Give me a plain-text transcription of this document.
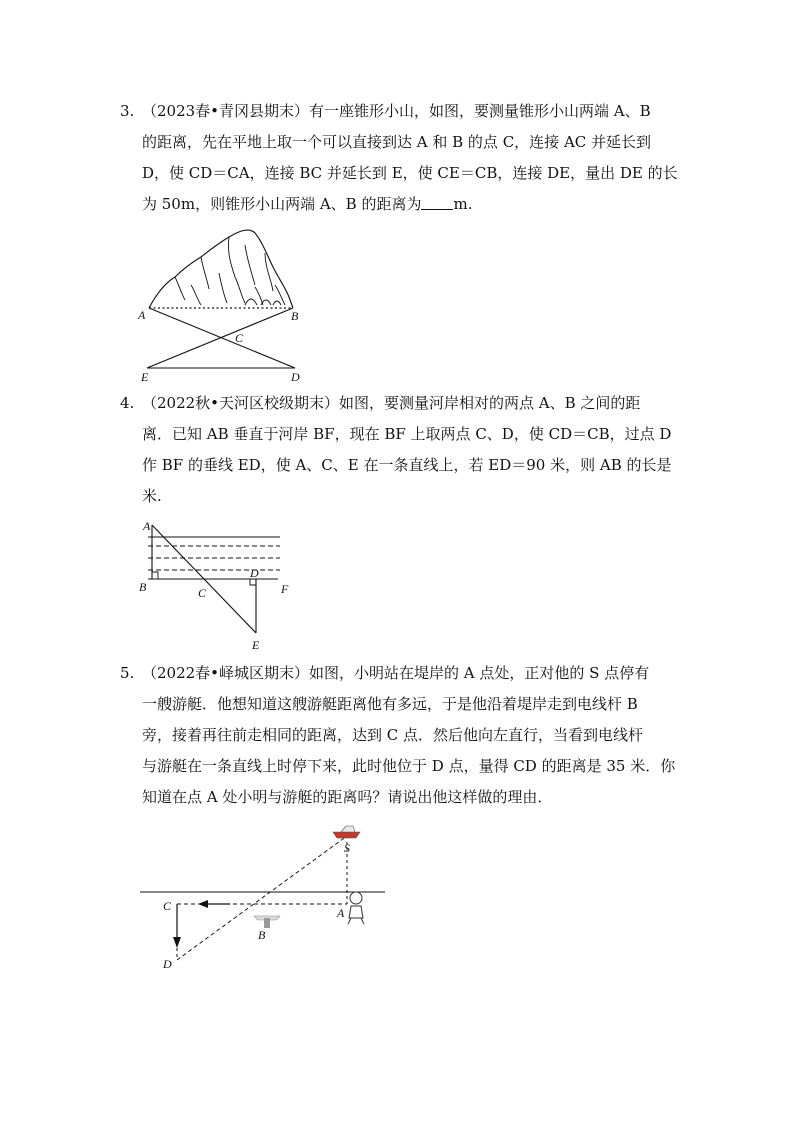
3. （2023春•青冈县期末）有一座锥形小山，如图，要测量锥形小山两端 A、B

的距离，先在平地上取一个可以直接到达 A 和 B 的点 C，连接 AC 并延长到

D，使 CD＝CA，连接 BC 并延长到 E，使 CE＝CB，连接 DE，量出 DE 的长

为 50m，则锥形小山两端 A、B 的距离为 m.

A	B
C
E	D

4. （2022秋•天河区校级期末）如图，要测量河岸相对的两点 A、B 之间的距

离．已知 AB 垂直于河岸 BF，现在 BF 上取两点 C、D，使 CD＝CB，过点 D

作 BF 的垂线 ED，使 A、C、E 在一条直线上，若 ED＝90 米，则 AB 的长是

米.

A
B	C
D
F
E

5. （2022春•峄城区期末）如图，小明站在堤岸的 A 点处，正对他的 S 点停有

一艘游艇．他想知道这艘游艇距离他有多远，于是他沿着堤岸走到电线杆 B

旁，接着再往前走相同的距离，达到 C 点．然后他向左直行，当看到电线杆

与游艇在一条直线上时停下来，此时他位于 D 点，量得 CD 的距离是 35 米．你

知道在点 A 处小明与游艇的距离吗？请说出他这样做的理由．

S
C	A
B
D
